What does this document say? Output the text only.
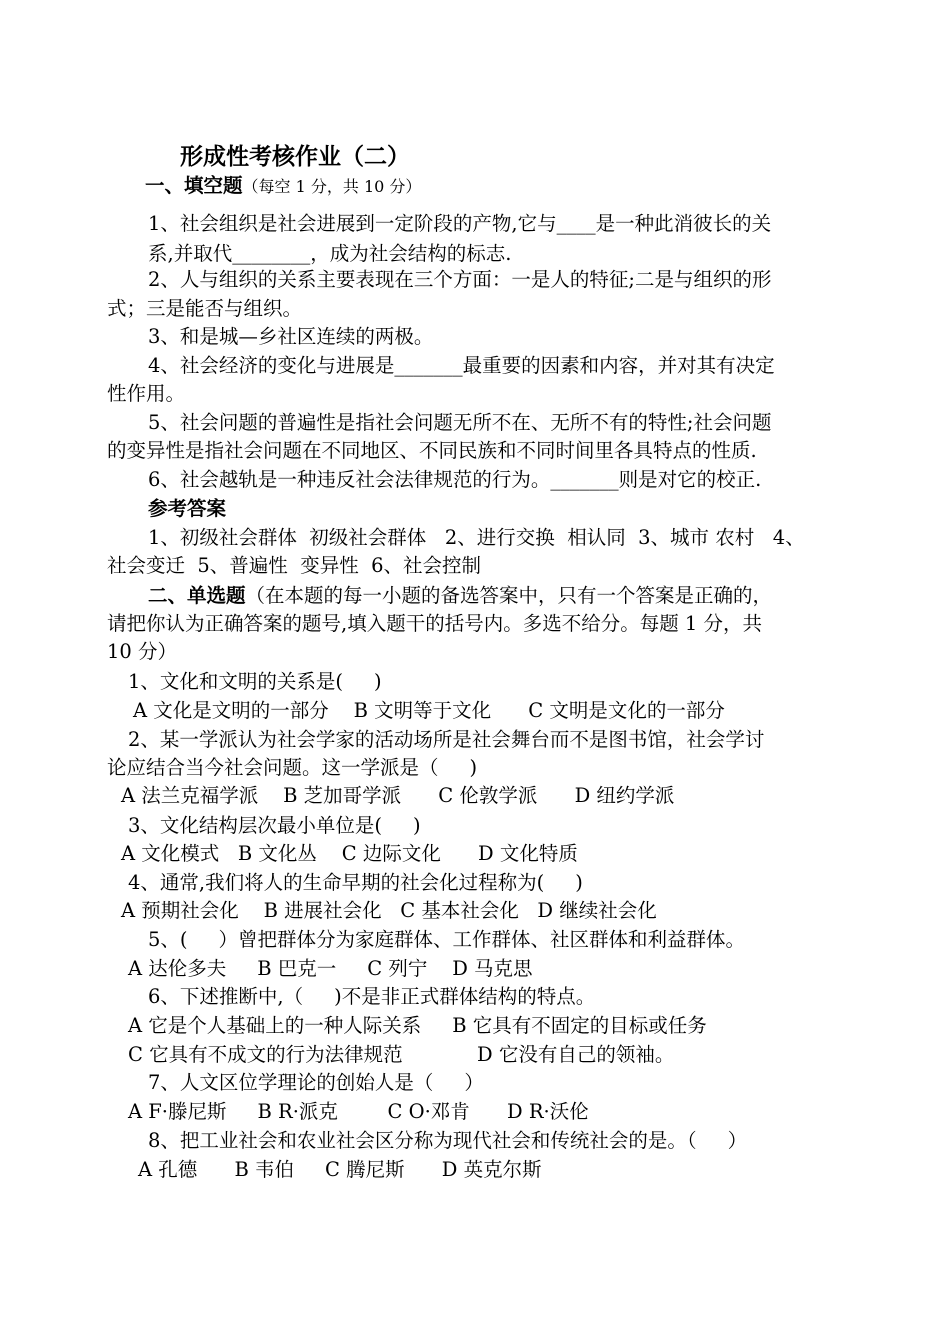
形成性考核作业（二）
一、填空题（每空 1 分，共 10 分）
1、社会组织是社会进展到一定阶段的产物,它与____是一种此消彼长的关
系,并取代________，成为社会结构的标志.
2、人与组织的关系主要表现在三个方面：一是人的特征;二是与组织的形
式；三是能否与组织。
3、和是城—乡社区连续的两极。
4、社会经济的变化与进展是_______最重要的因素和内容，并对其有决定
性作用。
5、社会问题的普遍性是指社会问题无所不在、无所不有的特性;社会问题
的变异性是指社会问题在不同地区、不同民族和不同时间里各具特点的性质.
6、社会越轨是一种违反社会法律规范的行为。_______则是对它的校正.
参考答案
1、初级社会群体  初级社会群体   2、进行交换  相认同  3、城市 农村   4、
社会变迁  5、普遍性  变异性  6、社会控制
二、单选题（在本题的每一小题的备选答案中，只有一个答案是正确的，
请把你认为正确答案的题号,填入题干的括号内。多选不给分。每题 1 分，共
10 分）
1、文化和文明的关系是(     )
A 文化是文明的一部分    B 文明等于文化      C 文明是文化的一部分
2、某一学派认为社会学家的活动场所是社会舞台而不是图书馆，社会学讨
论应结合当今社会问题。这一学派是（     )
A 法兰克福学派    B 芝加哥学派      C 伦敦学派      D 纽约学派
3、文化结构层次最小单位是(     )
A 文化模式   B 文化丛    C 边际文化      D 文化特质
4、通常,我们将人的生命早期的社会化过程称为(     )
A 预期社会化    B 进展社会化   C 基本社会化   D 继续社会化
5、(     ）曾把群体分为家庭群体、工作群体、社区群体和利益群体。
A 达伦多夫     B 巴克一     C 列宁    D 马克思
6、下述推断中,（     )不是非正式群体结构的特点。
A 它是个人基础上的一种人际关系     B 它具有不固定的目标或任务
C 它具有不成文的行为法律规范            D 它没有自己的领袖。
7、人文区位学理论的创始人是（     ）
A F·滕尼斯     B R·派克        C O·邓肯      D R·沃伦
8、把工业社会和农业社会区分称为现代社会和传统社会的是。（     ）
A 孔德      B 韦伯     C 腾尼斯      D 英克尔斯
